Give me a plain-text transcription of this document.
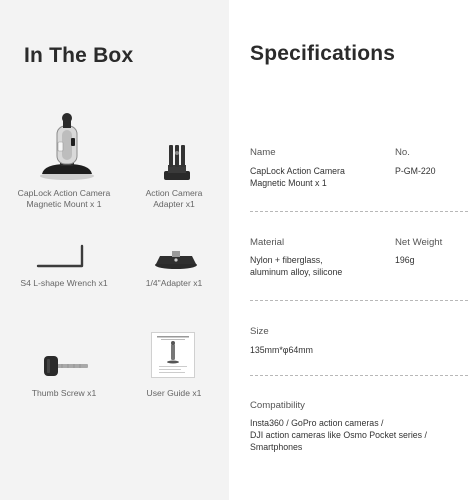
In The Box
CapLock Action Camera
Magnetic Mount x 1
Action Camera
Adapter x1
S4 L-shape Wrench x1	1/4"Adapter x1
Thumb Screw x1	User Guide x1
Specifications
Name	No.
CapLock Action Camera
Magnetic Mount x 1
P-GM-220
Material	Net Weight
Nylon + fiberglass,
aluminum alloy, silicone
196g
Size
135mm*φ64mm
Compatibility
Insta360 / GoPro action cameras /
DJI action cameras like Osmo Pocket series /
Smartphones
